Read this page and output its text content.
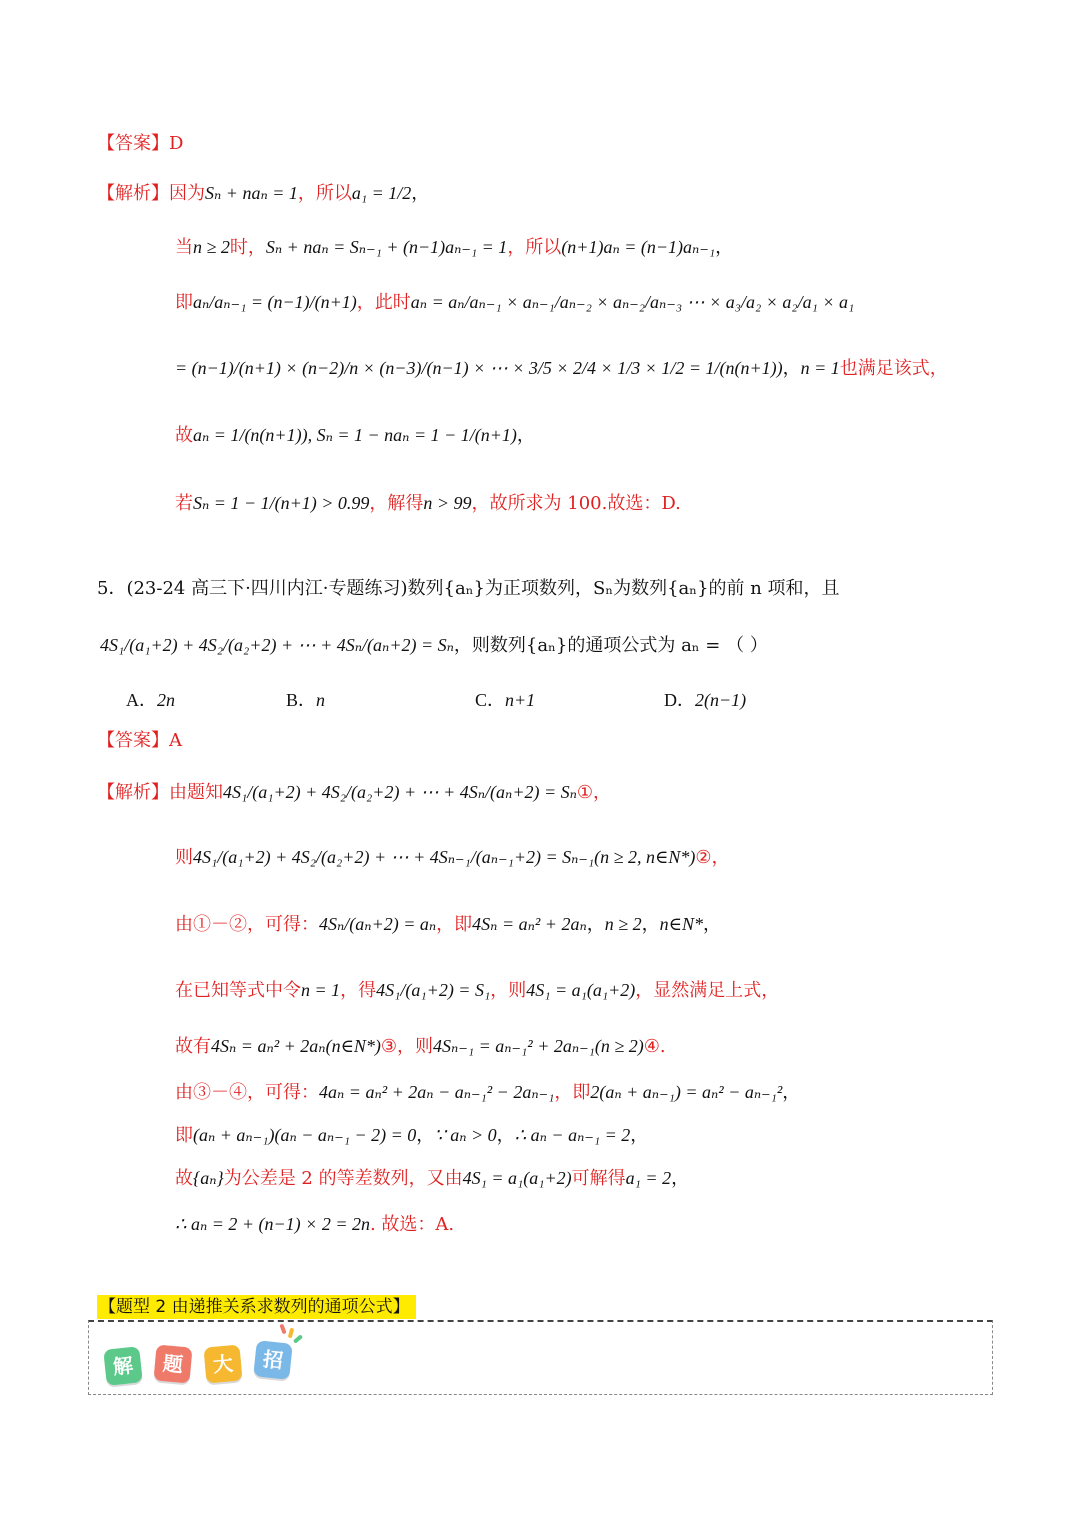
【答案】D
【解析】因为Sₙ + naₙ = 1，所以a₁ = 1/2，
当n ≥ 2时，Sₙ + naₙ = Sₙ₋₁ + (n−1)aₙ₋₁ = 1，所以(n+1)aₙ = (n−1)aₙ₋₁，
即aₙ/aₙ₋₁ = (n−1)/(n+1)，此时aₙ = aₙ/aₙ₋₁ × aₙ₋₁/aₙ₋₂ × aₙ₋₂/aₙ₋₃ ⋯ × a₃/a₂ × a₂/a₁ × a₁
= (n−1)/(n+1) × (n−2)/n × (n−3)/(n−1) × ⋯ × 3/5 × 2/4 × 1/3 × 1/2 = 1/(n(n+1))，n = 1也满足该式，
故aₙ = 1/(n(n+1)), Sₙ = 1 − naₙ = 1 − 1/(n+1)，
若Sₙ = 1 − 1/(n+1) > 0.99，解得n > 99，故所求为 100.故选：D.
5．(23-24 高三下·四川内江·专题练习)数列{aₙ}为正项数列，Sₙ为数列{aₙ}的前 n 项和，且
4S₁/(a₁+2) + 4S₂/(a₂+2) + ⋯ + 4Sₙ/(aₙ+2) = Sₙ，则数列{aₙ}的通项公式为 aₙ = （ ）
A．2n	B．n	C．n+1	D．2(n−1)
【答案】A
【解析】由题知4S₁/(a₁+2) + 4S₂/(a₂+2) + ⋯ + 4Sₙ/(aₙ+2) = Sₙ①，
则4S₁/(a₁+2) + 4S₂/(a₂+2) + ⋯ + 4Sₙ₋₁/(aₙ₋₁+2) = Sₙ₋₁(n ≥ 2, n∈N*)②，
由①－②，可得：4Sₙ/(aₙ+2) = aₙ，即4Sₙ = aₙ² + 2aₙ，n ≥ 2，n∈N*，
在已知等式中令n = 1，得4S₁/(a₁+2) = S₁，则4S₁ = a₁(a₁+2)，显然满足上式，
故有4Sₙ = aₙ² + 2aₙ(n∈N*)③，则4Sₙ₋₁ = aₙ₋₁² + 2aₙ₋₁(n ≥ 2)④.
由③－④，可得：4aₙ = aₙ² + 2aₙ − aₙ₋₁² − 2aₙ₋₁，即2(aₙ + aₙ₋₁) = aₙ² − aₙ₋₁²，
即(aₙ + aₙ₋₁)(aₙ − aₙ₋₁ − 2) = 0，∵ aₙ > 0，∴ aₙ − aₙ₋₁ = 2，
故{aₙ}为公差是 2 的等差数列，又由4S₁ = a₁(a₁+2)可解得a₁ = 2，
∴ aₙ = 2 + (n−1) × 2 = 2n. 故选：A.
【题型 2 由递推关系求数列的通项公式】
解	题	大	招
